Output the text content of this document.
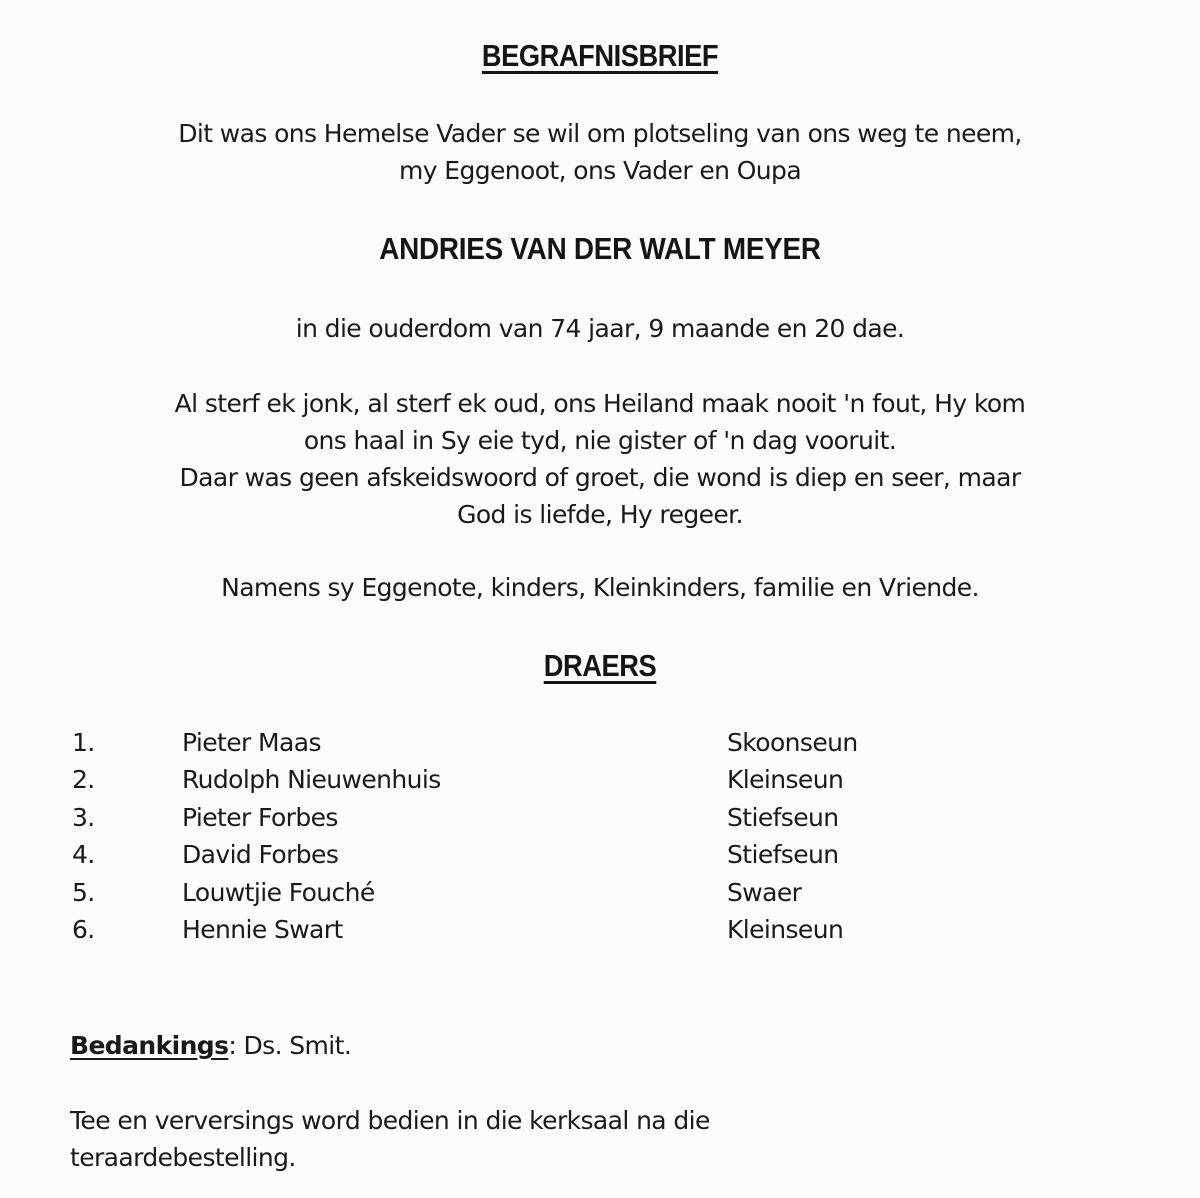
BEGRAFNISBRIEF
Dit was ons Hemelse Vader se wil om plotseling van ons weg te neem,
my Eggenoot, ons Vader en Oupa
ANDRIES VAN DER WALT MEYER
in die ouderdom van 74 jaar, 9 maande en 20 dae.
Al sterf ek jonk, al sterf ek oud, ons Heiland maak nooit 'n fout, Hy kom
ons haal in Sy eie tyd, nie gister of 'n dag vooruit.
Daar was geen afskeidswoord of groet, die wond is diep en seer, maar
God is liefde, Hy regeer.
Namens sy Eggenote, kinders, Kleinkinders, familie en Vriende.
DRAERS
1.	Pieter Maas	Skoonseun
2.	Rudolph Nieuwenhuis	Kleinseun
3.	Pieter Forbes	Stiefseun
4.	David Forbes	Stiefseun
5.	Louwtjie Fouché	Swaer
6.	Hennie Swart	Kleinseun
Bedankings: Ds. Smit.
Tee en verversings word bedien in die kerksaal na die
teraardebestelling.
